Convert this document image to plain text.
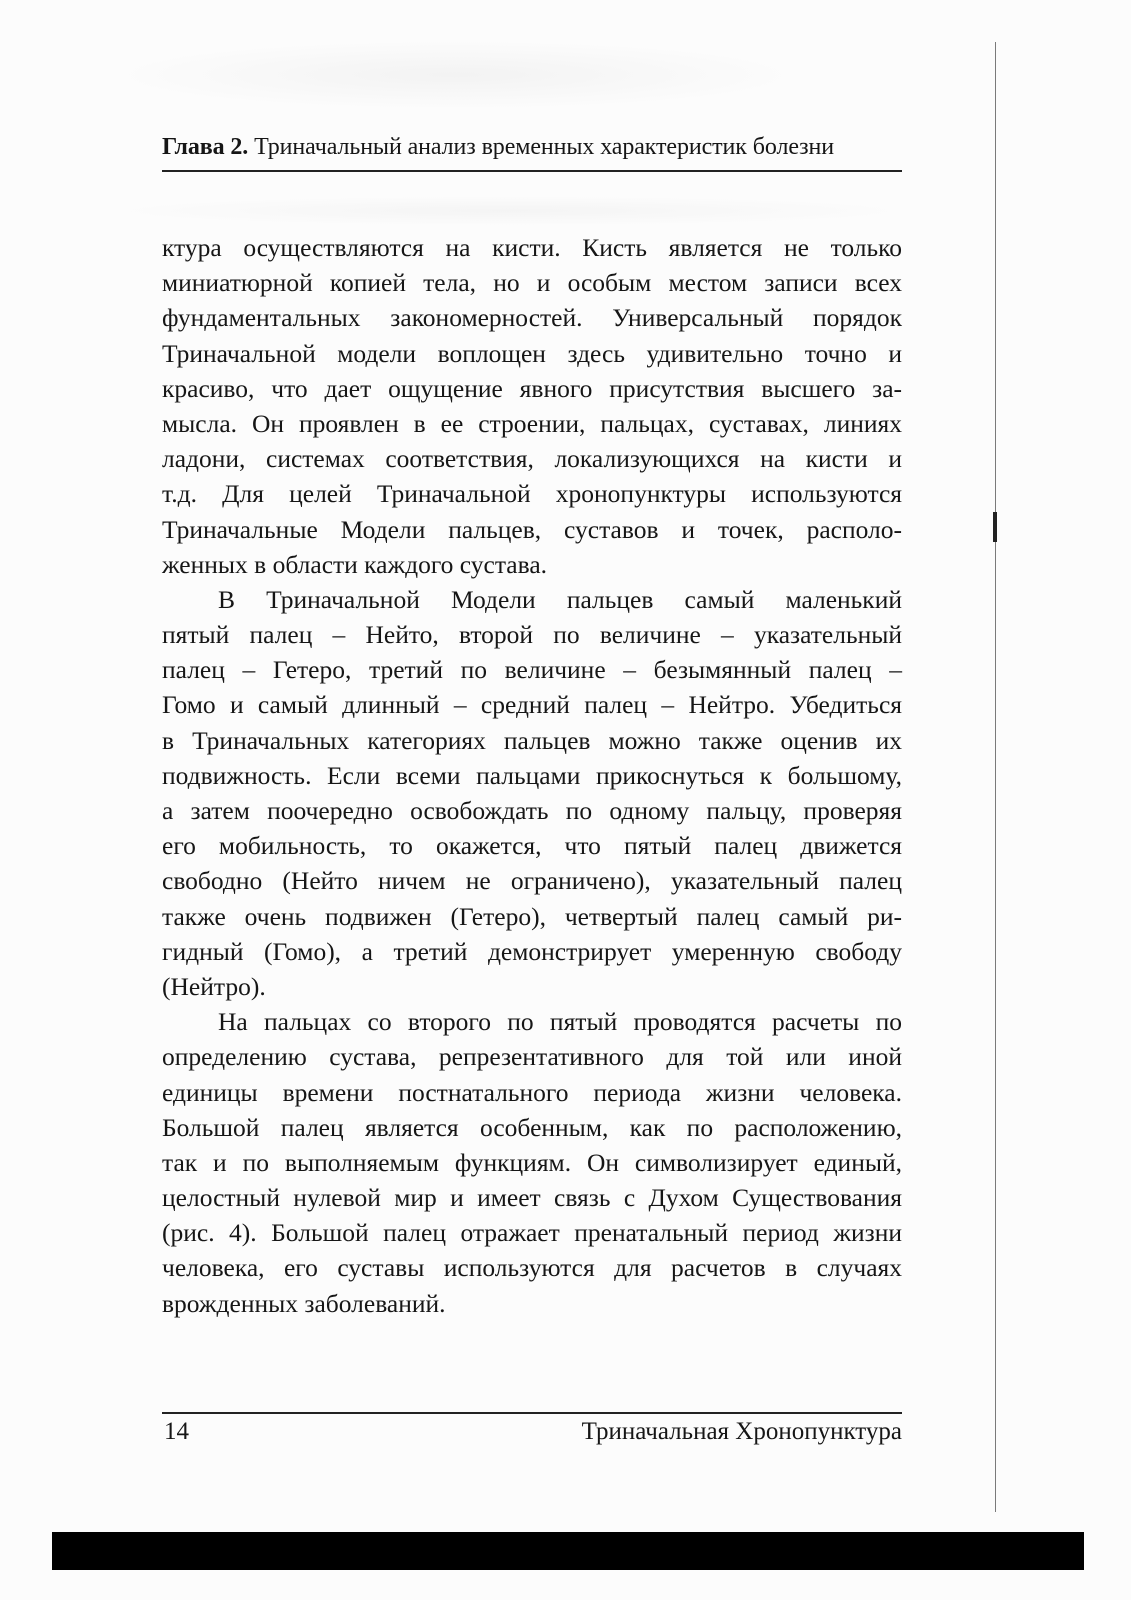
Глава 2. Триначальный анализ временных характеристик болезни
ктура осуществляются на кисти. Кисть является не только
миниатюрной копией тела, но и особым местом записи всех
фундаментальных закономерностей. Универсальный порядок
Триначальной модели воплощен здесь удивительно точно и
красиво, что дает ощущение явного присутствия высшего за-
мысла. Он проявлен в ее строении, пальцах, суставах, линиях
ладони, системах соответствия, локализующихся на кисти и
т.д. Для целей Триначальной хронопунктуры используются
Триначальные Модели пальцев, суставов и точек, располо-
женных в области каждого сустава.
В Триначальной Модели пальцев самый маленький
пятый палец – Нейто, второй по величине – указательный
палец – Гетеро, третий по величине – безымянный палец –
Гомо и самый длинный – средний палец – Нейтро. Убедиться
в Триначальных категориях пальцев можно также оценив их
подвижность. Если всеми пальцами прикоснуться к большому,
а затем поочередно освобождать по одному пальцу, проверяя
его мобильность, то окажется, что пятый палец движется
свободно (Нейто ничем не ограничено), указательный палец
также очень подвижен (Гетеро), четвертый палец самый ри-
гидный (Гомо), а третий демонстрирует умеренную свободу
(Нейтро).
На пальцах со второго по пятый проводятся расчеты по
определению сустава, репрезентативного для той или иной
единицы времени постнатального периода жизни человека.
Большой палец является особенным, как по расположению,
так и по выполняемым функциям. Он символизирует единый,
целостный нулевой мир и имеет связь с Духом Существования
(рис. 4). Большой палец отражает пренатальный период жизни
человека, его суставы используются для расчетов в случаях
врожденных заболеваний.
14	Триначальная Хронопунктура
